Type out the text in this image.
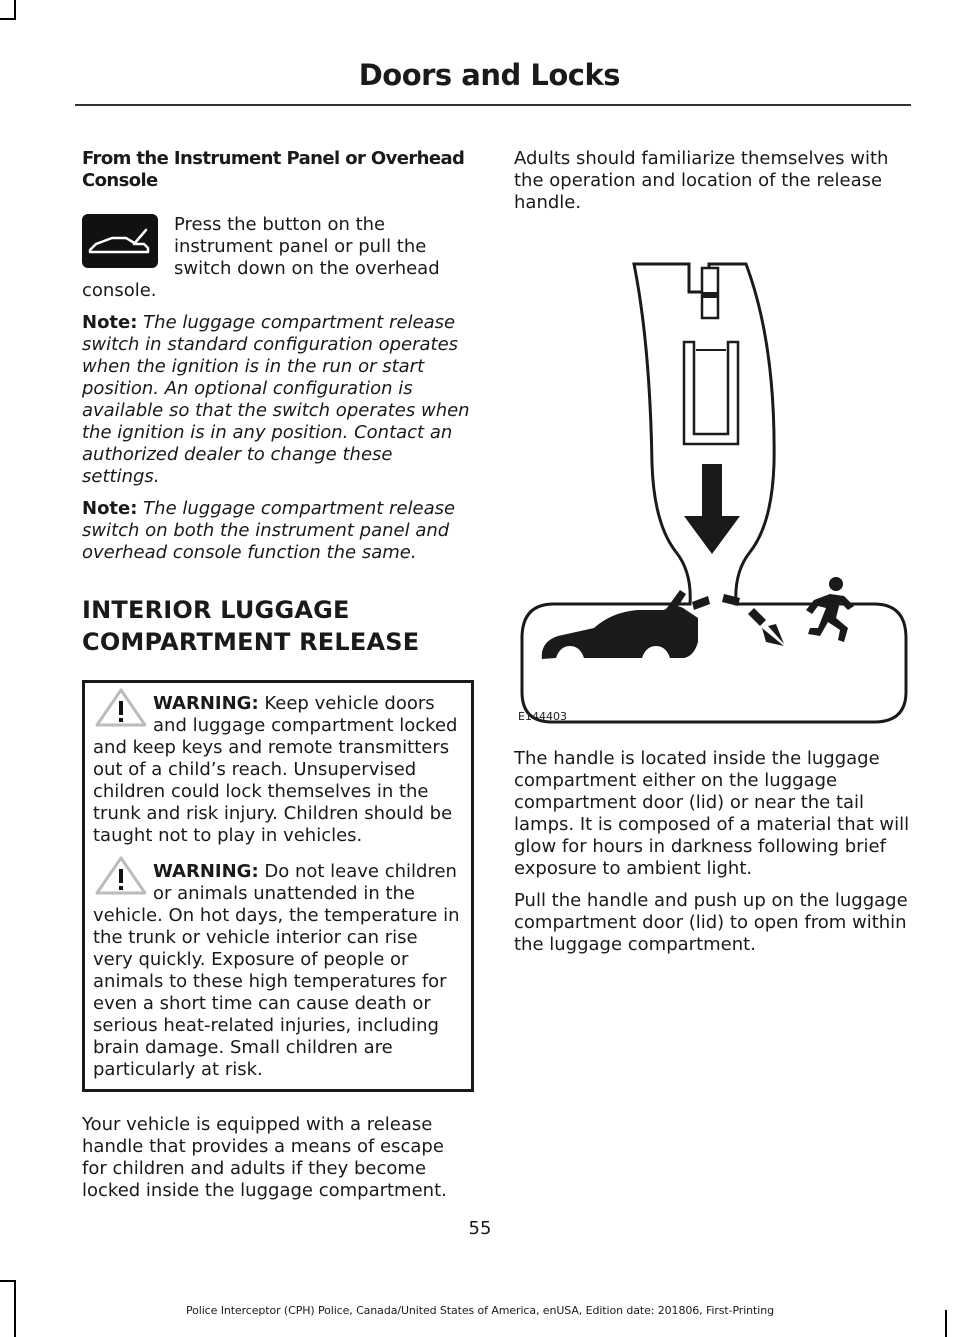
Doors and Locks

From the Instrument Panel or Overhead Console

Press the button on the instrument panel or pull the switch down on the overhead console.

Note: The luggage compartment release switch in standard configuration operates when the ignition is in the run or start position. An optional configuration is available so that the switch operates when the ignition is in any position. Contact an authorized dealer to change these settings.

Note: The luggage compartment release switch on both the instrument panel and overhead console function the same.

INTERIOR LUGGAGE
COMPARTMENT RELEASE

WARNING: Keep vehicle doors and luggage compartment locked and keep keys and remote transmitters out of a child’s reach. Unsupervised children could lock themselves in the trunk and risk injury. Children should be taught not to play in vehicles.

WARNING: Do not leave children or animals unattended in the vehicle. On hot days, the temperature in the trunk or vehicle interior can rise very quickly. Exposure of people or animals to these high temperatures for even a short time can cause death or serious heat-related injuries, including brain damage. Small children are particularly at risk.

Your vehicle is equipped with a release handle that provides a means of escape for children and adults if they become locked inside the luggage compartment.

Adults should familiarize themselves with the operation and location of the release handle.

E144403

The handle is located inside the luggage compartment either on the luggage compartment door (lid) or near the tail lamps. It is composed of a material that will glow for hours in darkness following brief exposure to ambient light.

Pull the handle and push up on the luggage compartment door (lid) to open from within the luggage compartment.

55
Police Interceptor (CPH) Police, Canada/United States of America, enUSA, Edition date: 201806, First-Printing
